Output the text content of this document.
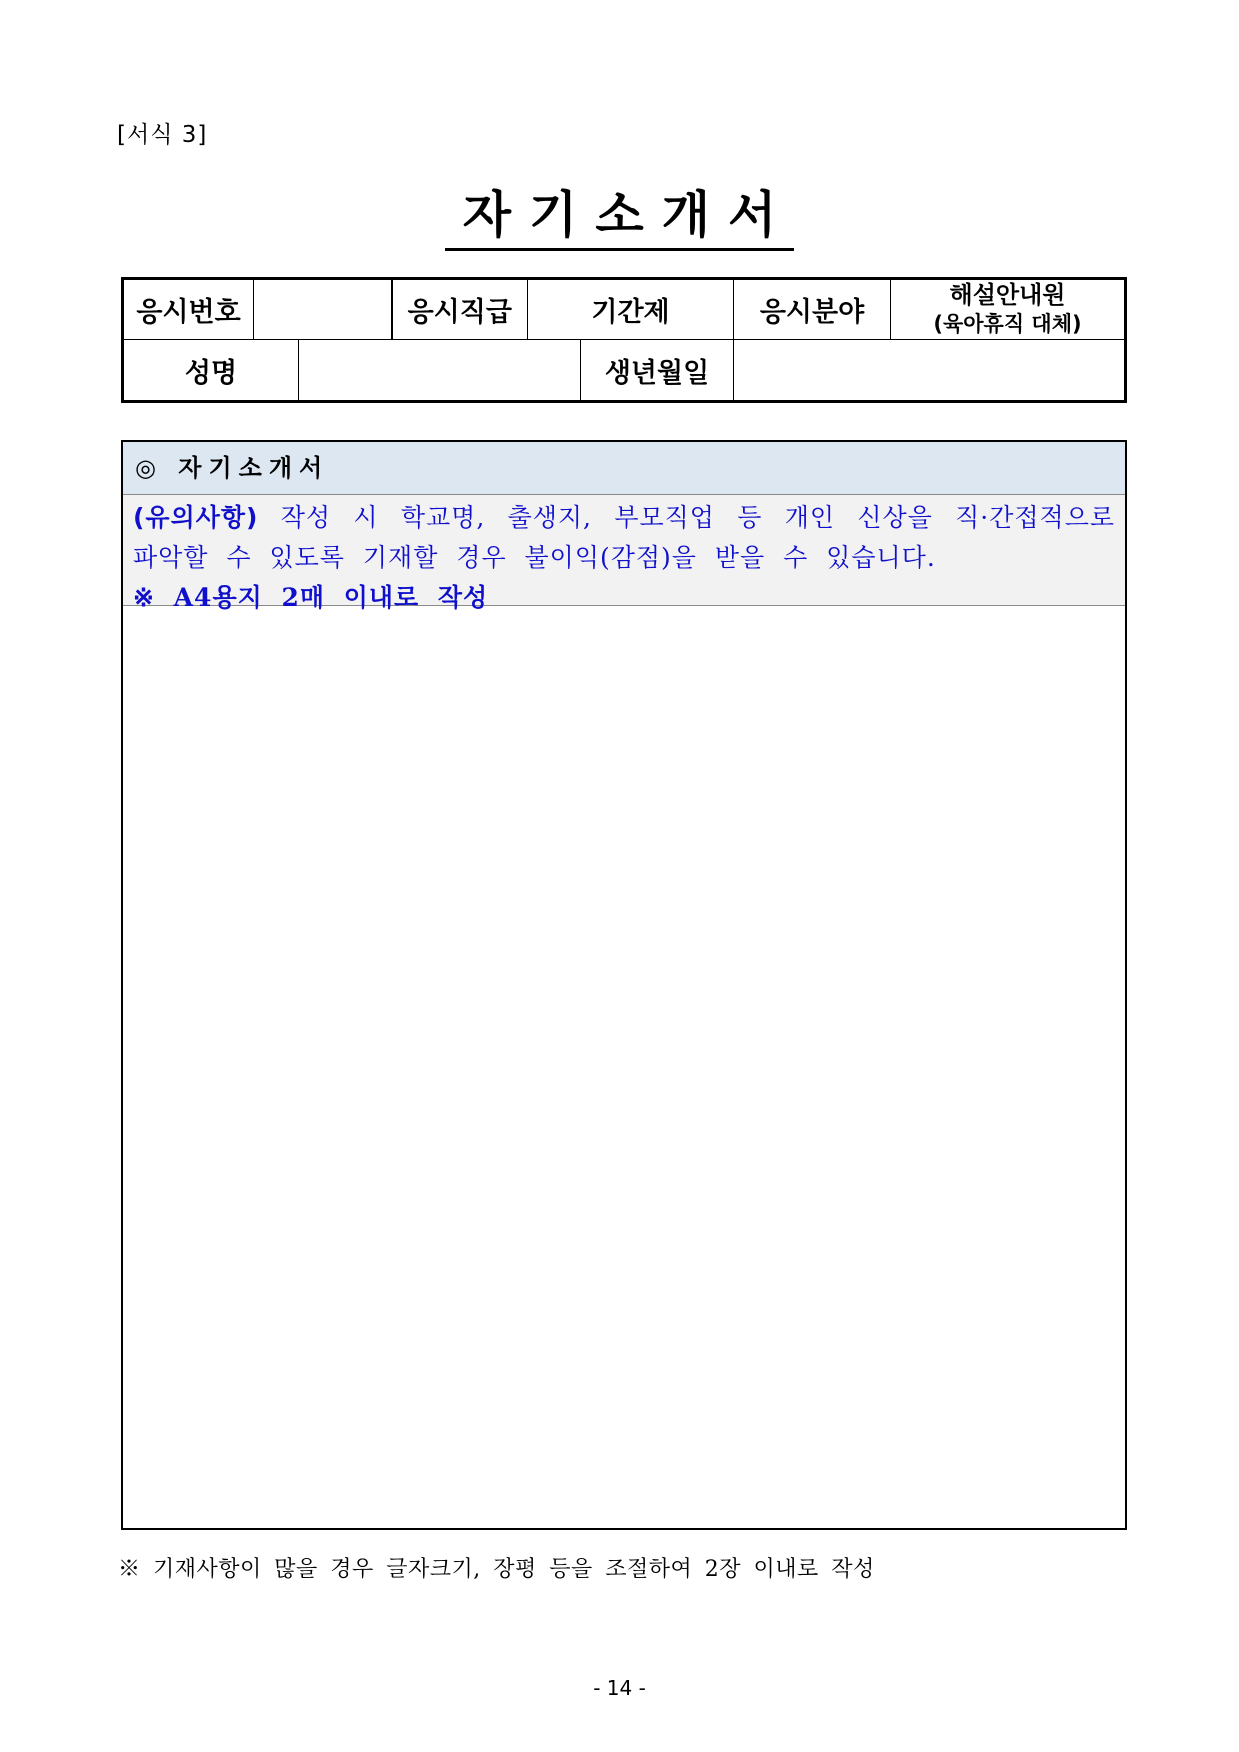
[서식 3]
자기소개서
응시번호			응시직급	기간제		응시분야	해설안내원
(육아휴직 대체)

성명					생년월일		
◎ 자기소개서
(유의사항) 작성 시 학교명, 출생지, 부모직업 등 개인 신상을 직·간접적으로 파악할 수 있도록 기재할 경우 불이익(감점)을 받을 수 있습니다.
※ A4용지 2매 이내로 작성
※ 기재사항이 많을 경우 글자크기, 장평 등을 조절하여 2장 이내로 작성
- 14 -
